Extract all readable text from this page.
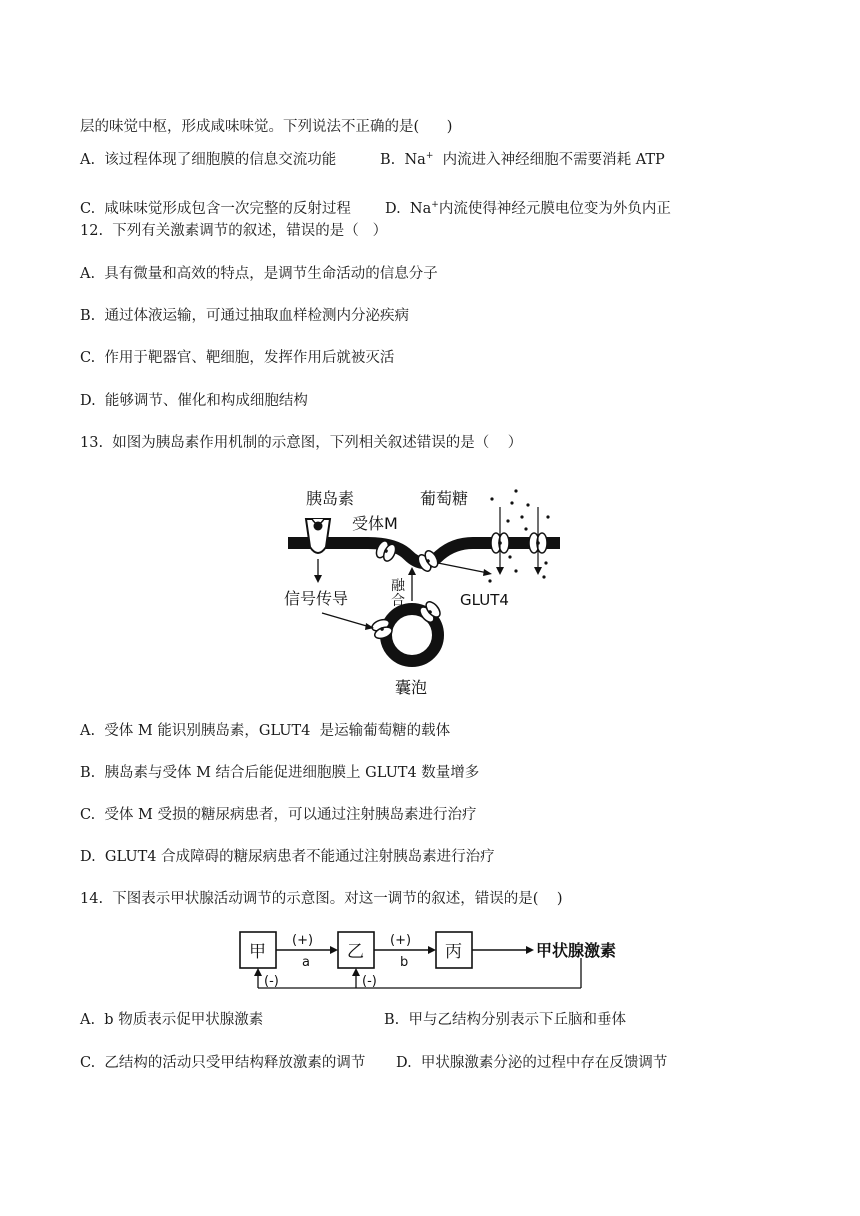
层的味觉中枢，形成咸味味觉。下列说法不正确的是(      )
A.  该过程体现了细胞膜的信息交流功能	B.  Na+  内流进入神经细胞不需要消耗 ATP
C.  咸味味觉形成包含一次完整的反射过程 D.  Na+内流使得神经元膜电位变为外负内正
12.  下列有关激素调节的叙述，错误的是（   ）
A.  具有微量和高效的特点，是调节生命活动的信息分子
B.  通过体液运输，可通过抽取血样检测内分泌疾病
C.  作用于靶器官、靶细胞，发挥作用后就被灭活
D.  能够调节、催化和构成细胞结构
13.  如图为胰岛素作用机制的示意图，下列相关叙述错误的是（    ）
胰岛素
受体M
葡萄糖
信号传导
融
合	GLUT4
囊泡
A.  受体 M 能识别胰岛素，GLUT4  是运输葡萄糖的载体
B.  胰岛素与受体 M 结合后能促进细胞膜上 GLUT4 数量增多
C.  受体 M 受损的糖尿病患者，可以通过注射胰岛素进行治疗
D.  GLUT4 合成障碍的糖尿病患者不能通过注射胰岛素进行治疗
14.  下图表示甲状腺活动调节的示意图。对这一调节的叙述，错误的是(    )
甲	乙	丙
(+)
a
(+)
b
甲状腺激素
(-)	(-)
A.  b 物质表示促甲状腺激素	B.  甲与乙结构分别表示下丘脑和垂体
C.  乙结构的活动只受甲结构释放激素的调节 D.  甲状腺激素分泌的过程中存在反馈调节
